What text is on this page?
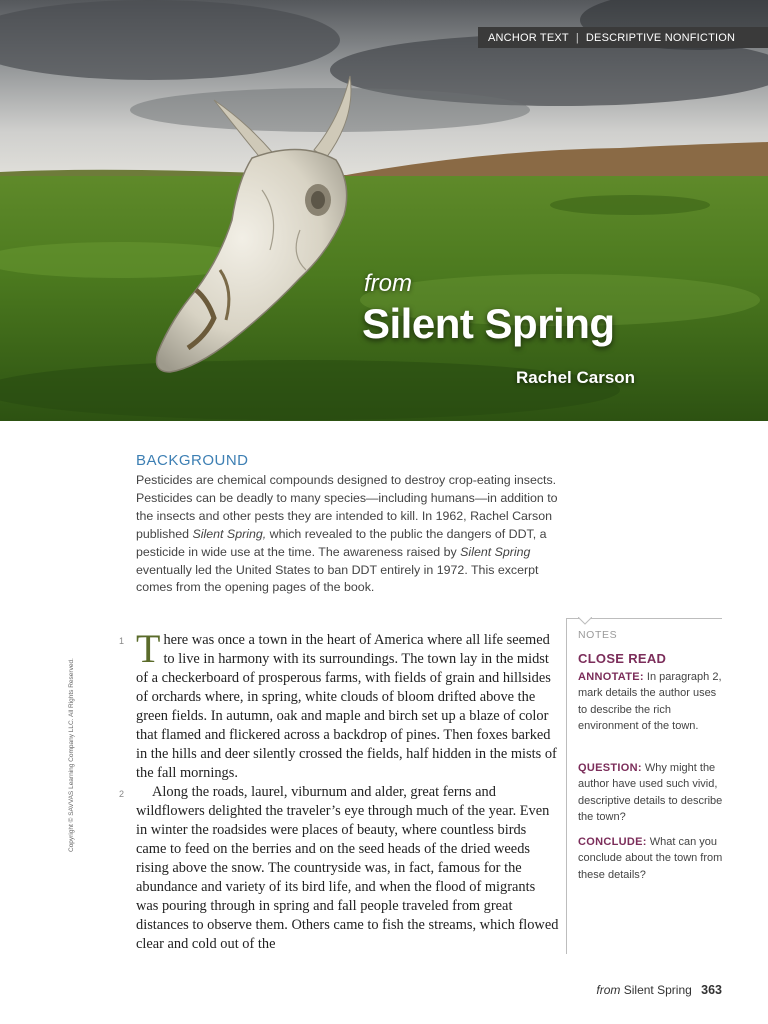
ANCHOR TEXT | DESCRIPTIVE NONFICTION
from
Silent Spring
Rachel Carson
BACKGROUND
Pesticides are chemical compounds designed to destroy crop-eating insects. Pesticides can be deadly to many species—including humans—in addition to the insects and other pests they are intended to kill. In 1962, Rachel Carson published Silent Spring, which revealed to the public the dangers of DDT, a pesticide in wide use at the time. The awareness raised by Silent Spring eventually led the United States to ban DDT entirely in 1972. This excerpt comes from the opening pages of the book.
1 There was once a town in the heart of America where all life seemed to live in harmony with its surroundings. The town lay in the midst of a checkerboard of prosperous farms, with fields of grain and hillsides of orchards where, in spring, white clouds of bloom drifted above the green fields. In autumn, oak and maple and birch set up a blaze of color that flamed and flickered across a backdrop of pines. Then foxes barked in the hills and deer silently crossed the fields, half hidden in the mists of the fall mornings.
2	Along the roads, laurel, viburnum and alder, great ferns and wildflowers delighted the traveler’s eye through much of the year. Even in winter the roadsides were places of beauty, where countless birds came to feed on the berries and on the seed heads of the dried weeds rising above the snow. The countryside was, in fact, famous for the abundance and variety of its bird life, and when the flood of migrants was pouring through in spring and fall people traveled from great distances to observe them. Others came to fish the streams, which flowed clear and cold out of the
NOTES
CLOSE READ
ANNOTATE: In paragraph 2, mark details the author uses to describe the rich environment of the town.
QUESTION: Why might the author have used such vivid, descriptive details to describe the town?
CONCLUDE: What can you conclude about the town from these details?
Copyright © SAVVAS Learning Company LLC. All Rights Reserved.
from Silent Spring 363
